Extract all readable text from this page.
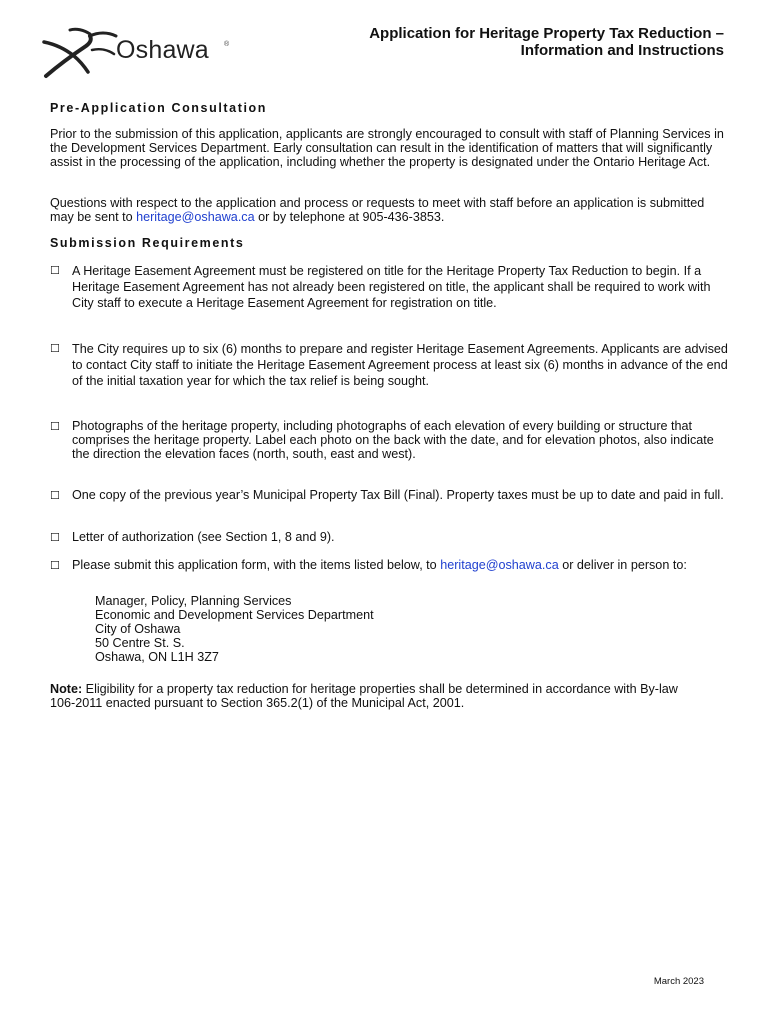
Oshawa ®
Application for Heritage Property Tax Reduction –
Information and Instructions
Pre-Application Consultation
Prior to the submission of this application, applicants are strongly encouraged to consult with staff of Planning Services in the Development Services Department. Early consultation can result in the identification of matters that will significantly assist in the processing of the application, including whether the property is designated under the Ontario Heritage Act.
Questions with respect to the application and process or requests to meet with staff before an application is submitted may be sent to heritage@oshawa.ca or by telephone at 905-436-3853.
Submission Requirements
☐ A Heritage Easement Agreement must be registered on title for the Heritage Property Tax Reduction to begin. If a Heritage Easement Agreement has not already been registered on title, the applicant shall be required to work with City staff to execute a Heritage Easement Agreement for registration on title.
☐ The City requires up to six (6) months to prepare and register Heritage Easement Agreements. Applicants are advised to contact City staff to initiate the Heritage Easement Agreement process at least six (6) months in advance of the end of the initial taxation year for which the tax relief is being sought.
☐ Photographs of the heritage property, including photographs of each elevation of every building or structure that comprises the heritage property. Label each photo on the back with the date, and for elevation photos, also indicate the direction the elevation faces (north, south, east and west).
☐ One copy of the previous year’s Municipal Property Tax Bill (Final). Property taxes must be up to date and paid in full.
☐ Letter of authorization (see Section 1, 8 and 9).
☐ Please submit this application form, with the items listed below, to heritage@oshawa.ca or deliver in person to:
Manager, Policy, Planning Services
Economic and Development Services Department
City of Oshawa
50 Centre St. S.
Oshawa, ON L1H 3Z7
Note: Eligibility for a property tax reduction for heritage properties shall be determined in accordance with By-law 106-2011 enacted pursuant to Section 365.2(1) of the Municipal Act, 2001.
March 2023
